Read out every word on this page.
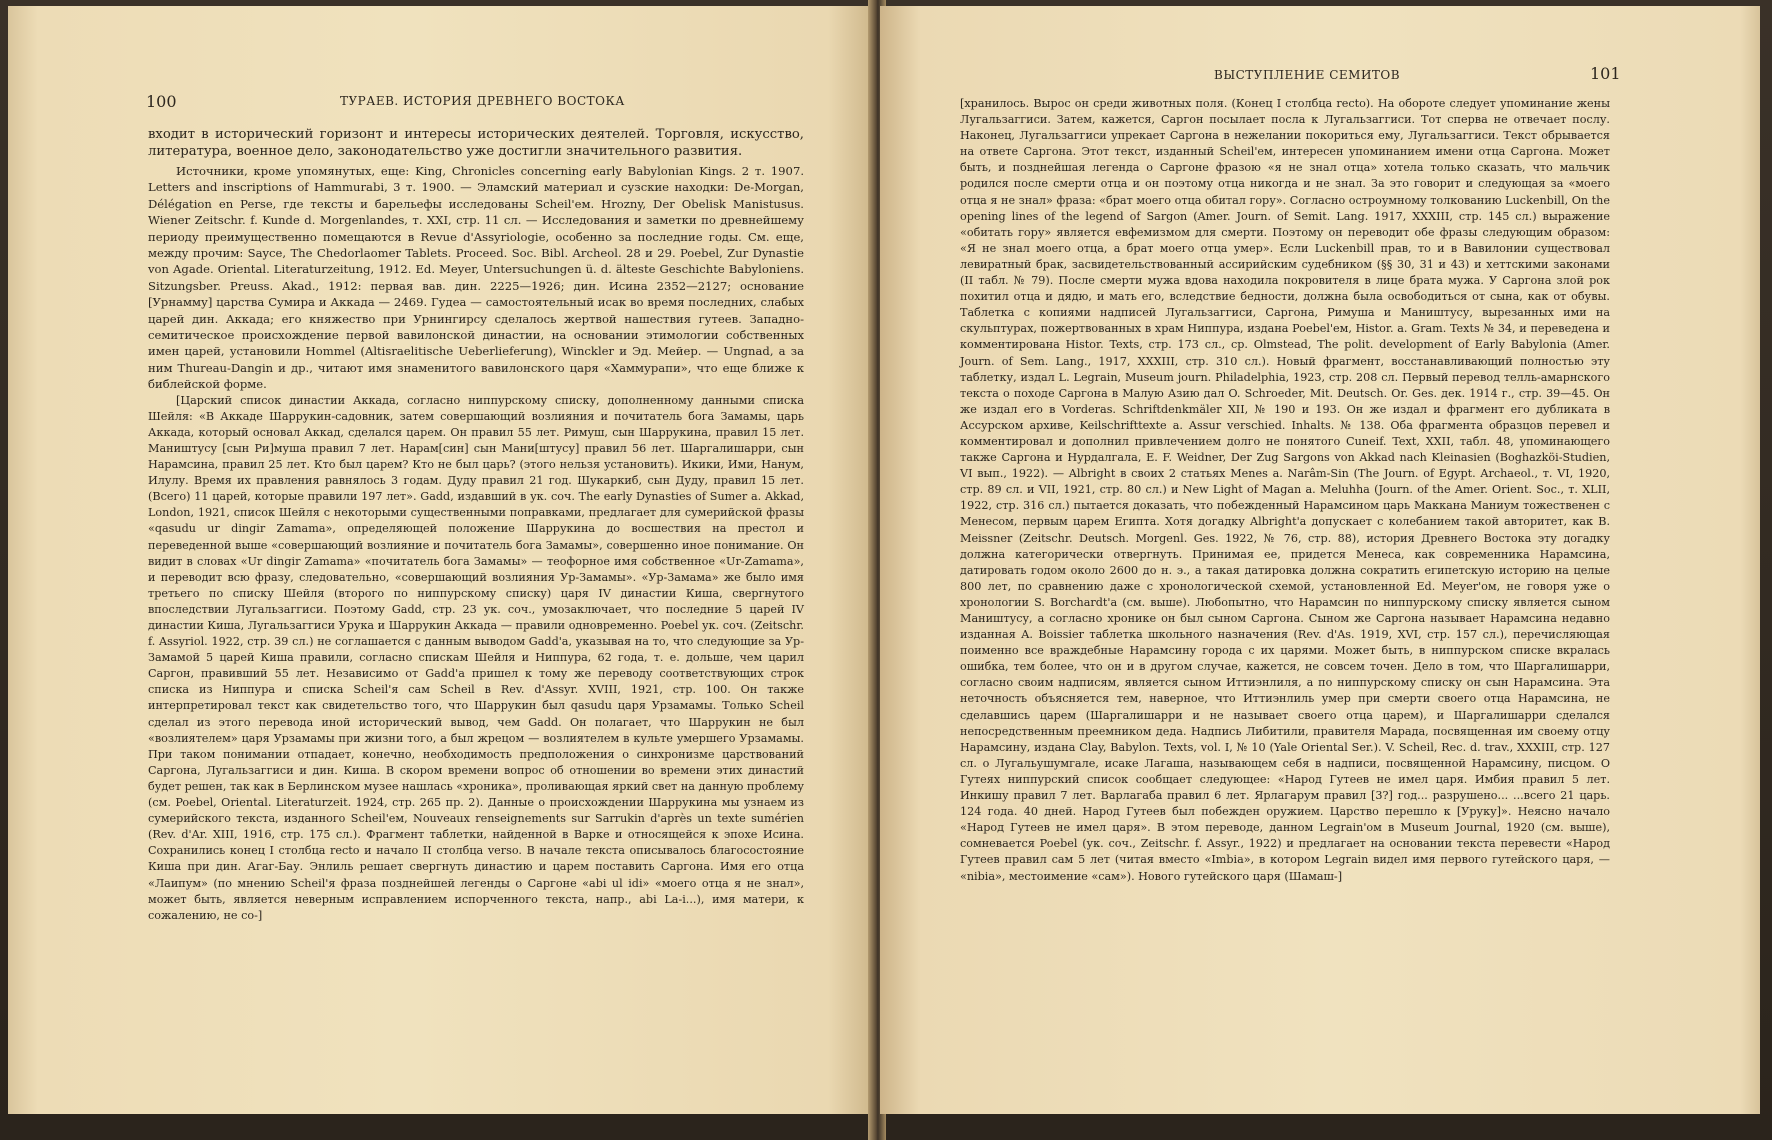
100	ТУРАЕВ. ИСТОРИЯ ДРЕВНЕГО ВОСТОКА

входит в исторический горизонт и интересы исторических деятелей. Торговля, искусство, литература, военное дело, законодательство уже достигли значительного развития.

Источники, кроме упомянутых, еще: King, Chronicles concerning early Babylonian Kings. 2 т. 1907. Letters and inscriptions of Hammurabi, 3 т. 1900. — Эламский материал и сузские находки: De-Morgan, Délégation en Perse, где тексты и барельефы исследованы Scheil'ем. Hrozny, Der Obelisk Manistusus. Wiener Zeitschr. f. Kunde d. Morgenlandes, т. XXI, стр. 11 сл. — Исследования и заметки по древнейшему периоду преимущественно помещаются в Revue d'Assyriologie, особенно за последние годы. См. еще, между прочим: Sayce, The Chedorlaomer Tablets. Proceed. Soc. Bibl. Archeol. 28 и 29. Poebel, Zur Dynastie von Agade. Oriental. Literaturzeitung, 1912. Ed. Meyer, Untersuchungen ü. d. älteste Geschichte Babyloniens. Sitzungsber. Preuss. Akad., 1912: первая вав. дин. 2225—1926; дин. Исина 2352—2127; основание [Урнамму] царства Сумира и Аккада — 2469. Гудеа — самостоятельный исак во время последних, слабых царей дин. Аккада; его княжество при Урнингирсу сделалось жертвой нашествия гутеев. Западно-семитическое происхождение первой вавилонской династии, на основании этимологии собственных имен царей, установили Hommel (Altisraelitische Ueberlieferung), Winckler и Эд. Мейер. — Ungnad, а за ним Thureau-Dangin и др., читают имя знаменитого вавилонского царя «Хаммурапи», что еще ближе к библейской форме.

[Царский список династии Аккада, согласно ниппурскому списку, дополненному данными списка Шейля: «В Аккаде Шаррукин-садовник, затем совершающий возлияния и почитатель бога Замамы, царь Аккада, который основал Аккад, сделался царем. Он правил 55 лет. Римуш, сын Шаррукина, правил 15 лет. Маништусу [сын Ри]муша правил 7 лет. Нарам[син] сын Мани[штусу] правил 56 лет. Шаргалишарри, сын Нарамсина, правил 25 лет. Кто был царем? Кто не был царь? (этого нельзя установить). Икики, Ими, Нанум, Илулу. Время их правления равнялось 3 годам. Дуду правил 21 год. Шукаркиб, сын Дуду, правил 15 лет. (Всего) 11 царей, которые правили 197 лет». Gadd, издавший в ук. соч. The early Dynasties of Sumer a. Akkad, London, 1921, список Шейля с некоторыми существенными поправками, предлагает для сумерийской фразы «qasudu ur dingir Zamama», определяющей положение Шаррукина до восшествия на престол и переведенной выше «совершающий возлияние и почитатель бога Замамы», совершенно иное понимание. Он видит в словах «Ur dingir Zamama» «почитатель бога Замамы» — теофорное имя собственное «Ur-Zamama», и переводит всю фразу, следовательно, «совершающий возлияния Ур-Замамы». «Ур-Замама» же было имя третьего по списку Шейля (второго по ниппурскому списку) царя IV династии Киша, свергнутого впоследствии Лугальзаггиси. Поэтому Gadd, стр. 23 ук. соч., умозаключает, что последние 5 царей IV династии Киша, Лугальзаггиси Урука и Шаррукин Аккада — правили одновременно. Poebel ук. соч. (Zeitschr. f. Assyriol. 1922, стр. 39 сл.) не соглашается с данным выводом Gadd'а, указывая на то, что следующие за Ур-Замамой 5 царей Киша правили, согласно спискам Шейля и Ниппура, 62 года, т. е. дольше, чем царил Саргон, правивший 55 лет. Независимо от Gadd'а пришел к тому же переводу соответствующих строк списка из Ниппура и списка Scheil'я сам Scheil в Rev. d'Assyr. XVIII, 1921, стр. 100. Он также интерпретировал текст как свидетельство того, что Шаррукин был qasudu царя Урзамамы. Только Scheil сделал из этого перевода иной исторический вывод, чем Gadd. Он полагает, что Шаррукин не был «возлиятелем» царя Урзамамы при жизни того, а был жрецом — возлиятелем в культе умершего Урзамамы. При таком понимании отпадает, конечно, необходимость предположения о синхронизме царствований Саргона, Лугальзаггиси и дин. Киша. В скором времени вопрос об отношении во времени этих династий будет решен, так как в Берлинском музее нашлась «хроника», проливающая яркий свет на данную проблему (см. Poebel, Oriental. Literaturzeit. 1924, стр. 265 пр. 2). Данные о происхождении Шаррукина мы узнаем из сумерийского текста, изданного Scheil'ем, Nouveaux renseignements sur Sarrukin d'après un texte sumérien (Rev. d'Ar. XIII, 1916, стр. 175 сл.). Фрагмент таблетки, найденной в Варке и относящейся к эпохе Исина. Сохранились конец I столбца recto и начало II столбца verso. В начале текста описывалось благосостояние Киша при дин. Агаг-Бау. Энлиль решает свергнуть династию и царем поставить Саргона. Имя его отца «Лаипум» (по мнению Scheil'я фраза позднейшей легенды о Саргоне «abi ul idi» «моего отца я не знал», может быть, является неверным исправлением испорченного текста, напр., abi La-i...), имя матери, к сожалению, не со-]

ВЫСТУПЛЕНИЕ СЕМИТОВ	101

[хранилось. Вырос он среди животных поля. (Конец I столбца recto). На обороте следует упоминание жены Лугальзаггиси. Затем, кажется, Саргон посылает посла к Лугальзаггиси. Тот сперва не отвечает послу. Наконец, Лугальзаггиси упрекает Саргона в нежелании покориться ему, Лугальзаггиси. Текст обрывается на ответе Саргона. Этот текст, изданный Scheil'ем, интересен упоминанием имени отца Саргона. Может быть, и позднейшая легенда о Саргоне фразою «я не знал отца» хотела только сказать, что мальчик родился после смерти отца и он поэтому отца никогда и не знал. За это говорит и следующая за «моего отца я не знал» фраза: «брат моего отца обитал гору». Согласно остроумному толкованию Luckenbill, On the opening lines of the legend of Sargon (Amer. Journ. of Semit. Lang. 1917, XXXIII, стр. 145 сл.) выражение «обитать гору» является евфемизмом для смерти. Поэтому он переводит обе фразы следующим образом: «Я не знал моего отца, а брат моего отца умер». Если Luckenbill прав, то и в Вавилонии существовал левиратный брак, засвидетельствованный ассирийским судебником (§§ 30, 31 и 43) и хеттскими законами (II табл. № 79). После смерти мужа вдова находила покровителя в лице брата мужа. У Саргона злой рок похитил отца и дядю, и мать его, вследствие бедности, должна была освободиться от сына, как от обувы. Таблетка с копиями надписей Лугальзаггиси, Саргона, Римуша и Маништусу, вырезанных ими на скульптурах, пожертвованных в храм Ниппура, издана Poebel'ем, Histor. a. Gram. Texts № 34, и переведена и комментирована Histor. Texts, стр. 173 сл., ср. Olmstead, The polit. development of Early Babylonia (Amer. Journ. of Sem. Lang., 1917, XXXIII, стр. 310 сл.). Новый фрагмент, восстанавливающий полностью эту таблетку, издал L. Legrain, Museum journ. Philadelphia, 1923, стр. 208 сл. Первый перевод телль-амарнского текста о походе Саргона в Малую Азию дал O. Schroeder, Mit. Deutsch. Or. Ges. дек. 1914 г., стр. 39—45. Он же издал его в Vorderas. Schriftdenkmäler XII, № 190 и 193. Он же издал и фрагмент его дубликата в Ассурском архиве, Keilschrifttexte a. Assur verschied. Inhalts. № 138. Оба фрагмента образцов перевел и комментировал и дополнил привлечением долго не понятого Cuneif. Text, XXII, табл. 48, упоминающего также Саргона и Нурдалгала, E. F. Weidner, Der Zug Sargons von Akkad nach Kleinasien (Boghazköi-Studien, VI вып., 1922). — Albright в своих 2 статьях Menes a. Narâm-Sin (The Journ. of Egypt. Archaeol., т. VI, 1920, стр. 89 сл. и VII, 1921, стр. 80 сл.) и New Light of Magan a. Meluhha (Journ. of the Amer. Orient. Soc., т. XLII, 1922, стр. 316 сл.) пытается доказать, что побежденный Нарамсином царь Маккана Маниум тожественен с Менесом, первым царем Египта. Хотя догадку Albright'а допускает с колебанием такой авторитет, как B. Meissner (Zeitschr. Deutsch. Morgenl. Ges. 1922, № 76, стр. 88), история Древнего Востока эту догадку должна категорически отвергнуть. Принимая ее, придется Менеса, как современника Нарамсина, датировать годом около 2600 до н. э., а такая датировка должна сократить египетскую историю на целые 800 лет, по сравнению даже с хронологической схемой, установленной Ed. Meyer'ом, не говоря уже о хронологии S. Borchardt'а (см. выше). Любопытно, что Нарамсин по ниппурскому списку является сыном Маништусу, а согласно хронике он был сыном Саргона. Сыном же Саргона называет Нарамсина недавно изданная A. Boissier таблетка школьного назначения (Rev. d'As. 1919, XVI, стр. 157 сл.), перечисляющая поименно все враждебные Нарамсину города с их царями. Может быть, в ниппурском списке вкралась ошибка, тем более, что он и в другом случае, кажется, не совсем точен. Дело в том, что Шаргалишарри, согласно своим надписям, является сыном Иттиэнлиля, а по ниппурскому списку он сын Нарамсина. Эта неточность объясняется тем, наверное, что Иттиэнлиль умер при смерти своего отца Нарамсина, не сделавшись царем (Шаргалишарри и не называет своего отца царем), и Шаргалишарри сделался непосредственным преемником деда. Надпись Либитили, правителя Марада, посвященная им своему отцу Нарамсину, издана Clay, Babylon. Texts, vol. I, № 10 (Yale Oriental Ser.). V. Scheil, Rec. d. trav., XXXIII, стр. 127 сл. о Лугальушумгале, исаке Лагаша, называющем себя в надписи, посвященной Нарамсину, писцом. О Гутеях ниппурский список сообщает следующее: «Народ Гутеев не имел царя. Имбия правил 5 лет. Инкишу правил 7 лет. Варлагаба правил 6 лет. Ярлагарум правил [3?] год... разрушено... ...всего 21 царь. 124 года. 40 дней. Народ Гутеев был побежден оружием. Царство перешло к [Уруку]». Неясно начало «Народ Гутеев не имел царя». В этом переводе, данном Legrain'ом в Museum Journal, 1920 (см. выше), сомневается Poebel (ук. соч., Zeitschr. f. Assyr., 1922) и предлагает на основании текста перевести «Народ Гутеев правил сам 5 лет (читая вместо «Imbia», в котором Legrain видел имя первого гутейского царя, — «nibia», местоимение «сам»). Нового гутейского царя (Шамаш-]
